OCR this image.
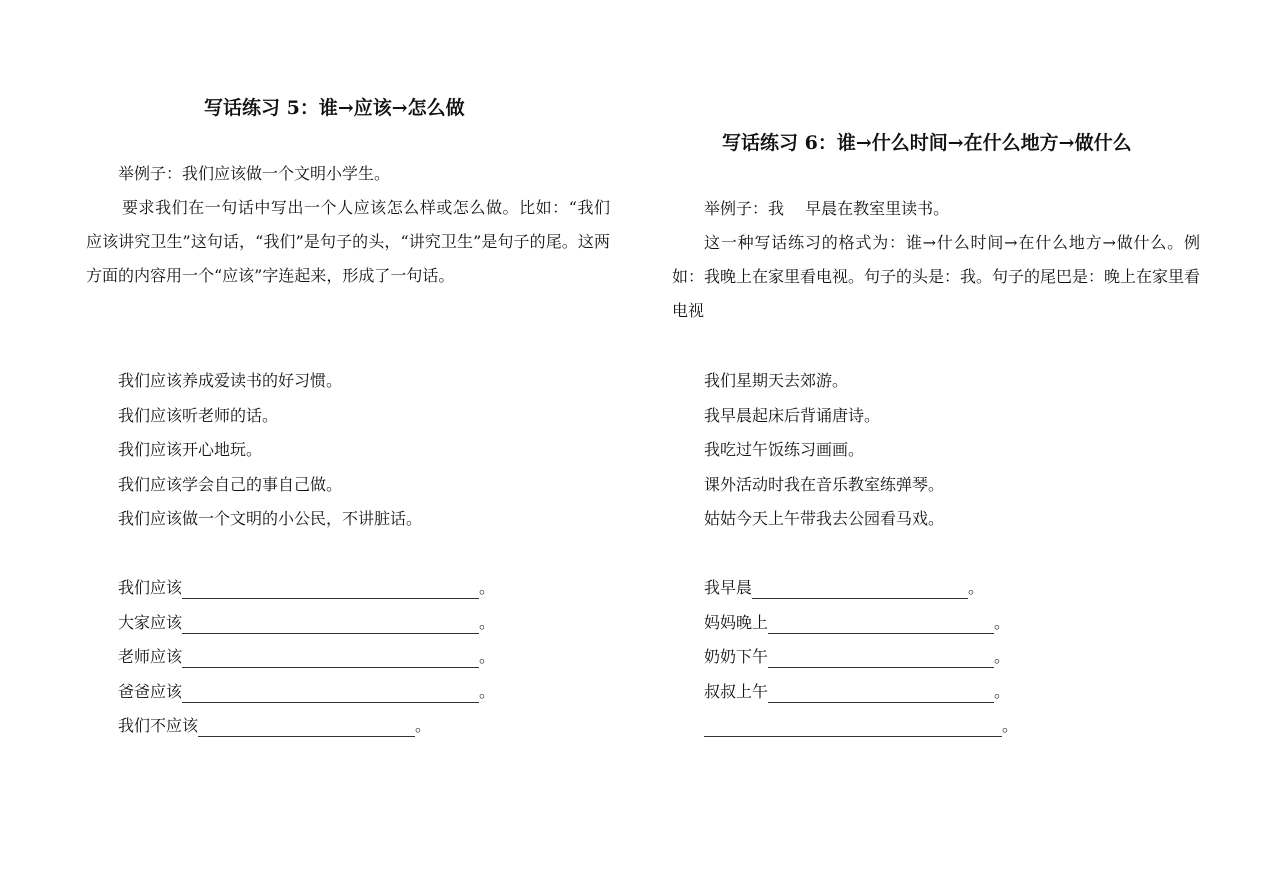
写话练习 5：谁→应该→怎么做

举例子：我们应该做一个文明小学生。

要求我们在一句话中写出一个人应该怎么样或怎么做。比如：“我们应该讲究卫生”这句话，“我们”是句子的头，“讲究卫生”是句子的尾。这两方面的内容用一个“应该”字连起来，形成了一句话。

我们应该养成爱读书的好习惯。
我们应该听老师的话。
我们应该开心地玩。
我们应该学会自己的事自己做。
我们应该做一个文明的小公民，不讲脏话。
我们应该	。
大家应该	。
老师应该	。
爸爸应该	。
我们不应该	。
写话练习 6：谁→什么时间→在什么地方→做什么

举例子：我　 早晨在教室里读书。

这一种写话练习的格式为：谁→什么时间→在什么地方→做什么。例如：我晚上在家里看电视。句子的头是：我。句子的尾巴是：晚上在家里看电视

我们星期天去郊游。
我早晨起床后背诵唐诗。
我吃过午饭练习画画。
课外活动时我在音乐教室练弹琴。
姑姑今天上午带我去公园看马戏。
我早晨	。
妈妈晚上	。
奶奶下午	。
叔叔上午	。
。
